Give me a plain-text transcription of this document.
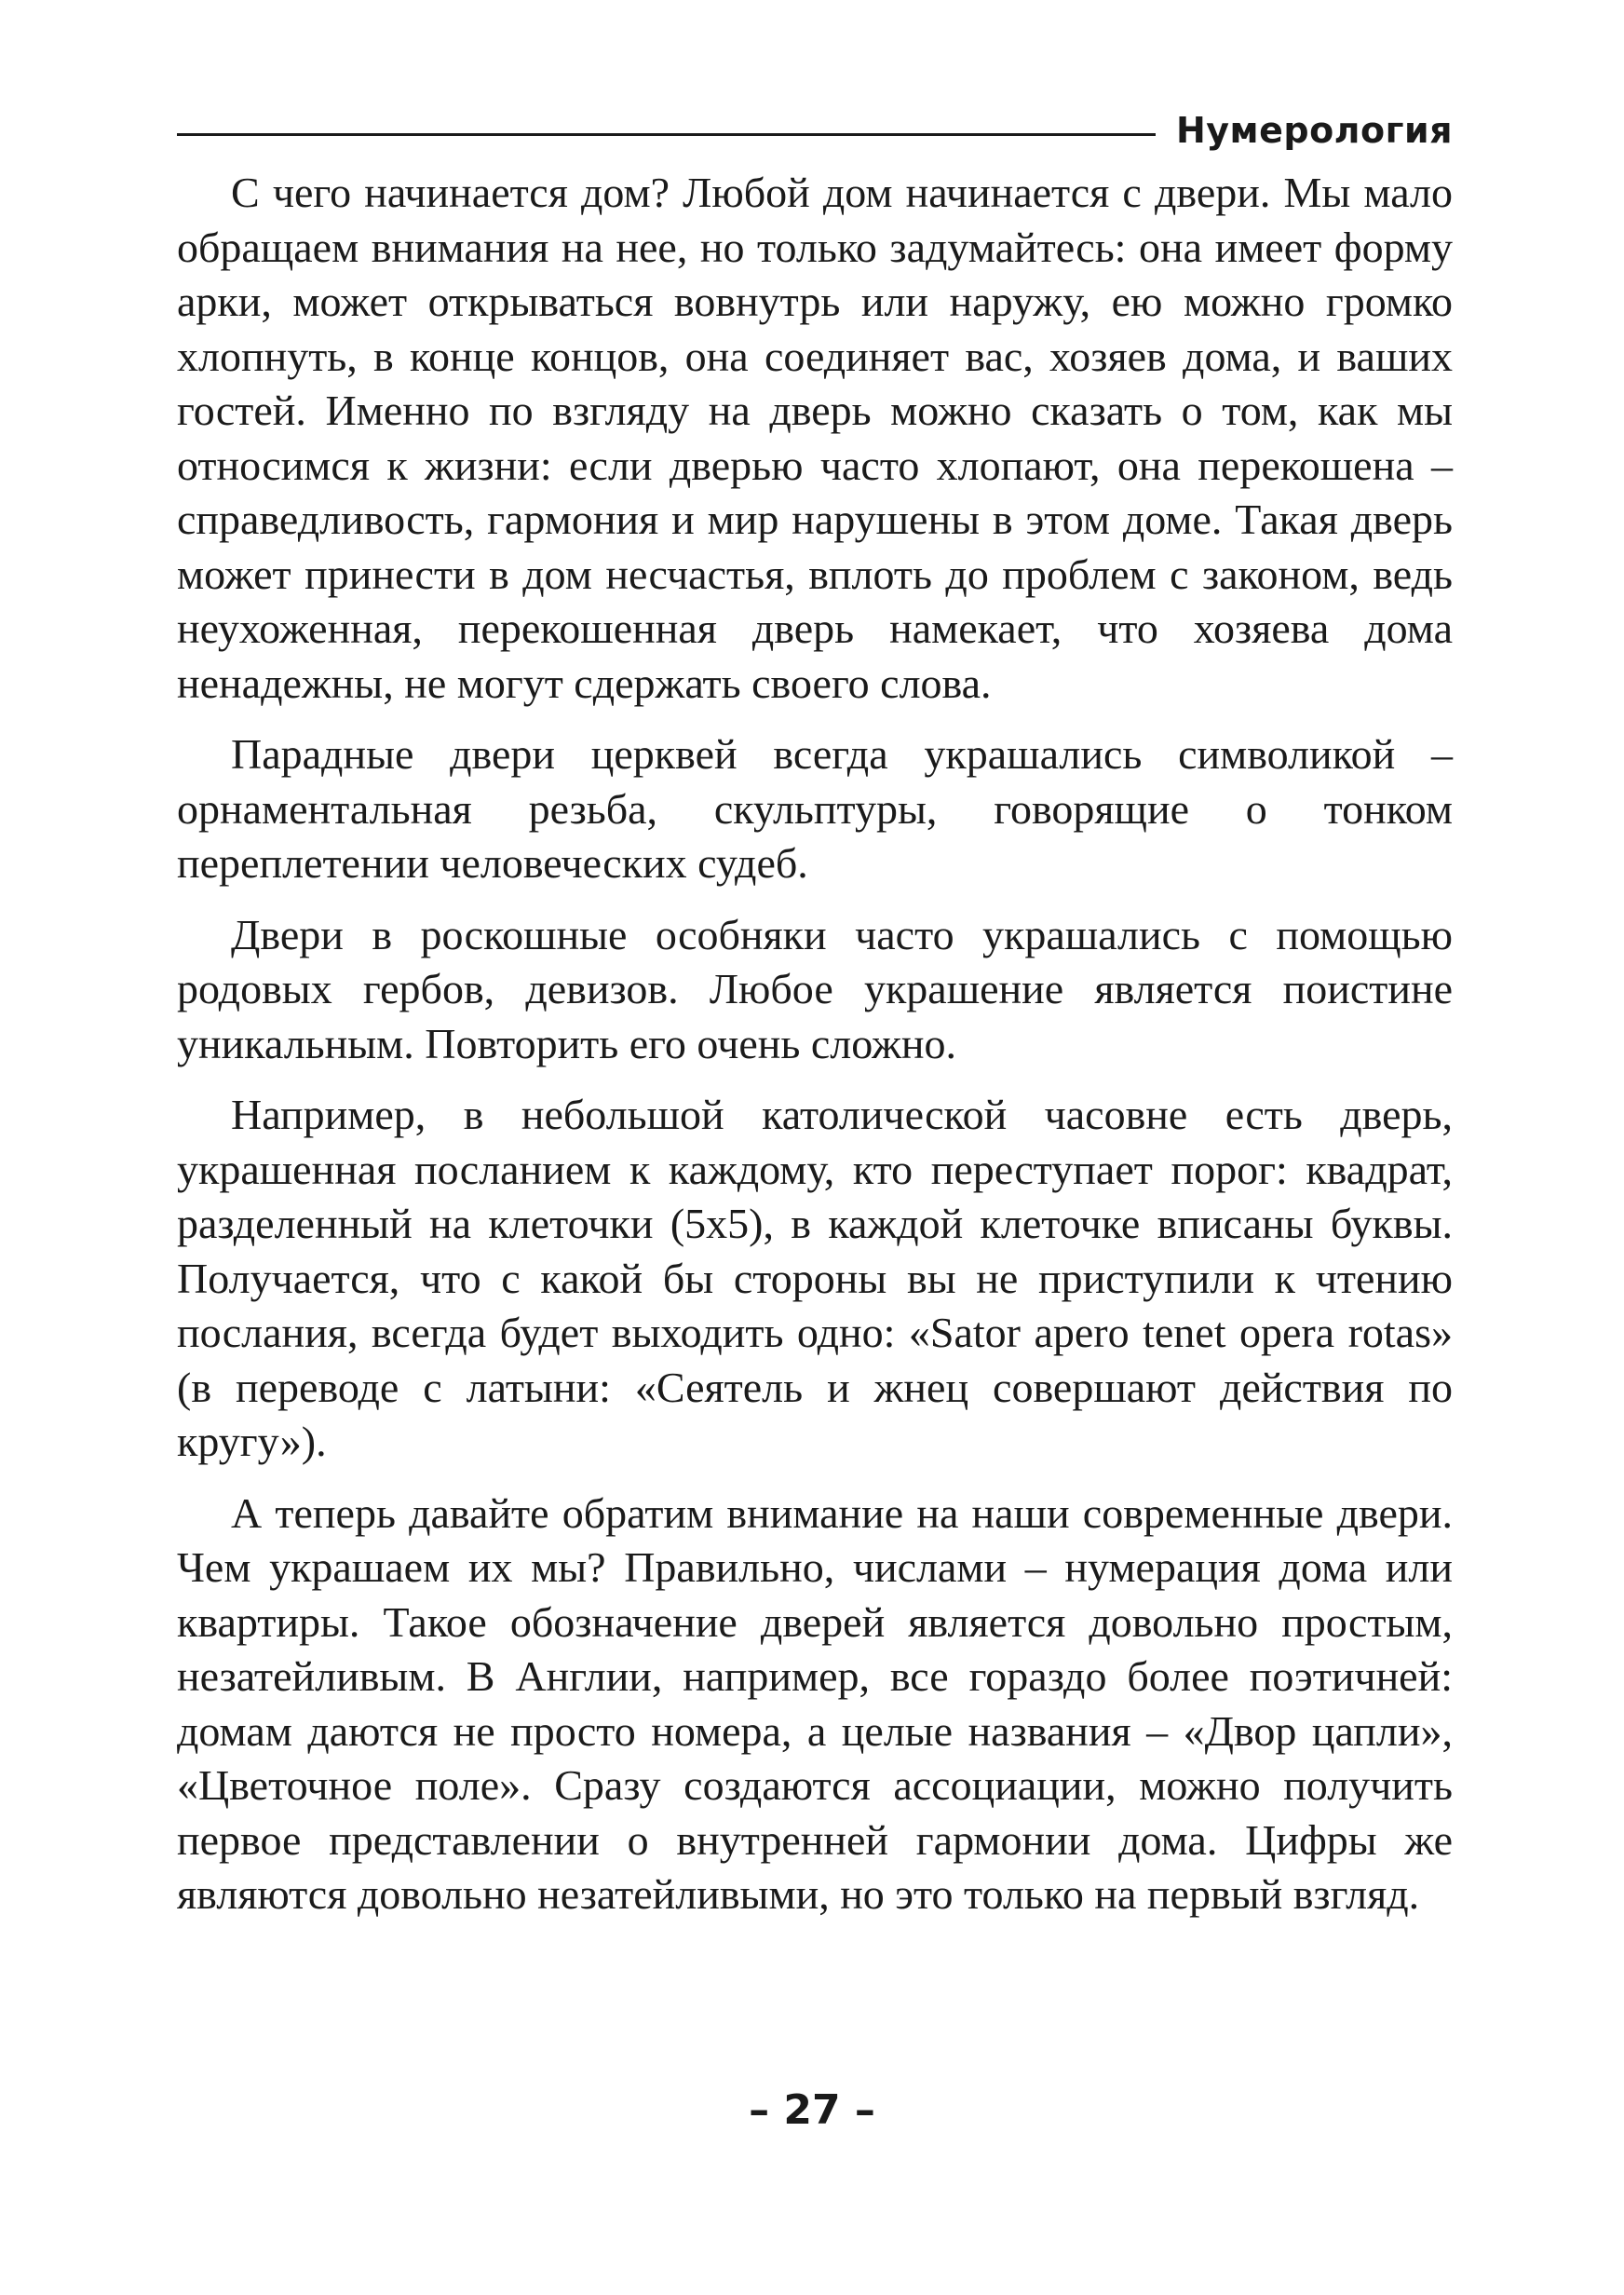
Нумерология

С чего начинается дом? Любой дом начинается с двери. Мы мало обращаем внимания на нее, но только задумайтесь: она имеет форму арки, может открываться вовнутрь или наружу, ею можно громко хлопнуть, в конце концов, она соединяет вас, хозяев дома, и ваших гостей. Именно по взгляду на дверь можно сказать о том, как мы относимся к жизни: если дверью часто хлопают, она перекошена – справедливость, гармония и мир нарушены в этом доме. Такая дверь может принести в дом несчастья, вплоть до проблем с законом, ведь неухоженная, перекошенная дверь намекает, что хозяева дома ненадежны, не могут сдержать своего слова.

Парадные двери церквей всегда украшались символикой – орнаментальная резьба, скульптуры, говорящие о тонком переплетении человеческих судеб.

Двери в роскошные особняки часто украшались с помощью родовых гербов, девизов. Любое украшение является поистине уникальным. Повторить его очень сложно.

Например, в небольшой католической часовне есть дверь, украшенная посланием к каждому, кто переступает порог: квадрат, разделенный на клеточки (5х5), в каждой клеточке вписаны буквы. Получается, что с какой бы стороны вы не приступили к чтению послания, всегда будет выходить одно: «Sator apero tenet opera rotas» (в переводе с латыни: «Сеятель и жнец совершают действия по кругу»).

А теперь давайте обратим внимание на наши современные двери. Чем украшаем их мы? Правильно, числами – нумерация дома или квартиры. Такое обозначение дверей является довольно простым, незатейливым. В Англии, например, все гораздо более поэтичней: домам даются не просто номера, а целые названия – «Двор цапли», «Цветочное поле». Сразу создаются ассоциации, можно получить первое представлении о внутренней гармонии дома. Цифры же являются довольно незатейливыми, но это только на первый взгляд.

– 27 –
